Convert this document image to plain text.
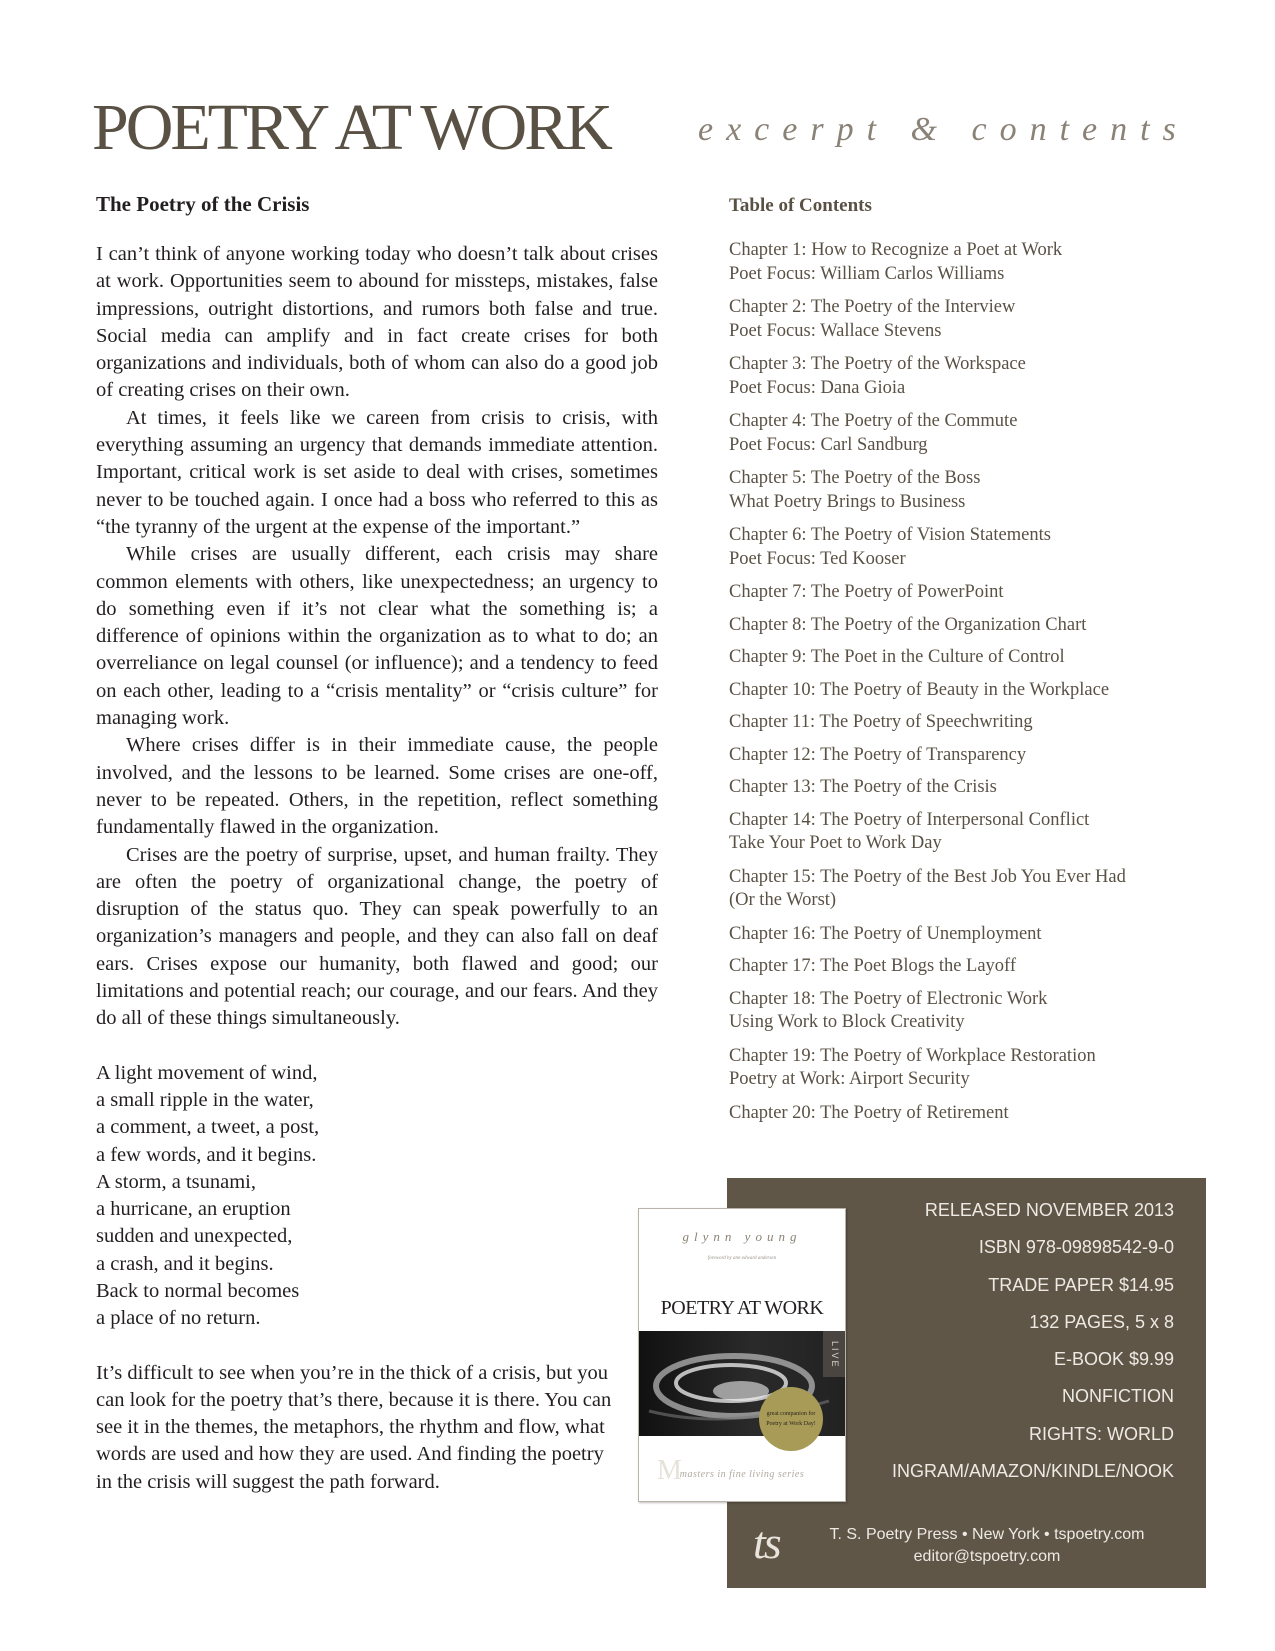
POETRY AT WORK	excerpt & contents
The Poetry of the Crisis

I can’t think of anyone working today who doesn’t talk about crises at work. Opportunities seem to abound for missteps, mistakes, false impressions, outright distortions, and rumors both false and true. Social media can amplify and in fact create crises for both organizations and individuals, both of whom can also do a good job of creating crises on their own.

At times, it feels like we careen from crisis to crisis, with everything assuming an urgency that demands immediate attention. Important, critical work is set aside to deal with crises, sometimes never to be touched again. I once had a boss who referred to this as “the tyranny of the urgent at the expense of the important.”

While crises are usually different, each crisis may share common elements with others, like unexpectedness; an urgency to do something even if it’s not clear what the something is; a difference of opinions within the organization as to what to do; an overreliance on legal counsel (or influence); and a tendency to feed on each other, leading to a “crisis mentality” or “crisis culture” for managing work.

Where crises differ is in their immediate cause, the people involved, and the lessons to be learned. Some crises are one-off, never to be repeated. Others, in the repetition, reflect something fundamentally flawed in the organization.

Crises are the poetry of surprise, upset, and human frailty. They are often the poetry of organizational change, the poetry of disruption of the status quo. They can speak powerfully to an organization’s managers and people, and they can also fall on deaf ears. Crises expose our humanity, both flawed and good; our limitations and potential reach; our courage, and our fears. And they do all of these things simultaneously.

A light movement of wind,
a small ripple in the water,
a comment, a tweet, a post,
a few words, and it begins.
A storm, a tsunami,
a hurricane, an eruption
sudden and unexpected,
a crash, and it begins.
Back to normal becomes
a place of no return.
It’s difficult to see when you’re in the thick of a crisis, but you can look for the poetry that’s there, because it is there. You can see it in the themes, the metaphors, the rhythm and flow, what words are used and how they are used. And finding the poetry in the crisis will suggest the path forward.
Table of Contents
Chapter 1: How to Recognize a Poet at Work
Poet Focus: William Carlos Williams
Chapter 2: The Poetry of the Interview
Poet Focus: Wallace Stevens
Chapter 3: The Poetry of the Workspace
Poet Focus: Dana Gioia
Chapter 4: The Poetry of the Commute
Poet Focus: Carl Sandburg
Chapter 5: The Poetry of the Boss
What Poetry Brings to Business
Chapter 6: The Poetry of Vision Statements
Poet Focus: Ted Kooser
Chapter 7: The Poetry of PowerPoint
Chapter 8: The Poetry of the Organization Chart
Chapter 9: The Poet in the Culture of Control
Chapter 10: The Poetry of Beauty in the Workplace
Chapter 11: The Poetry of Speechwriting
Chapter 12: The Poetry of Transparency
Chapter 13: The Poetry of the Crisis
Chapter 14: The Poetry of Interpersonal Conflict
Take Your Poet to Work Day
Chapter 15: The Poetry of the Best Job You Ever Had
(Or the Worst)
Chapter 16: The Poetry of Unemployment
Chapter 17: The Poet Blogs the Layoff
Chapter 18: The Poetry of Electronic Work
Using Work to Block Creativity
Chapter 19: The Poetry of Workplace Restoration
Poetry at Work: Airport Security
Chapter 20: The Poetry of Retirement
RELEASED NOVEMBER 2013
ISBN 978-09898542-9-0
TRADE PAPER $14.95
132 PAGES, 5 x 8
E-BOOK $9.99
NONFICTION
RIGHTS: WORLD
INGRAM/AMAZON/KINDLE/NOOK
ts	T. S. Poetry Press • New York • tspoetry.com
editor@tspoetry.com
glynn young
foreword by ann edward andersen
POETRY AT WORK
LIVE
great companion for Poetry at Work Day!
M
masters in fine living series
